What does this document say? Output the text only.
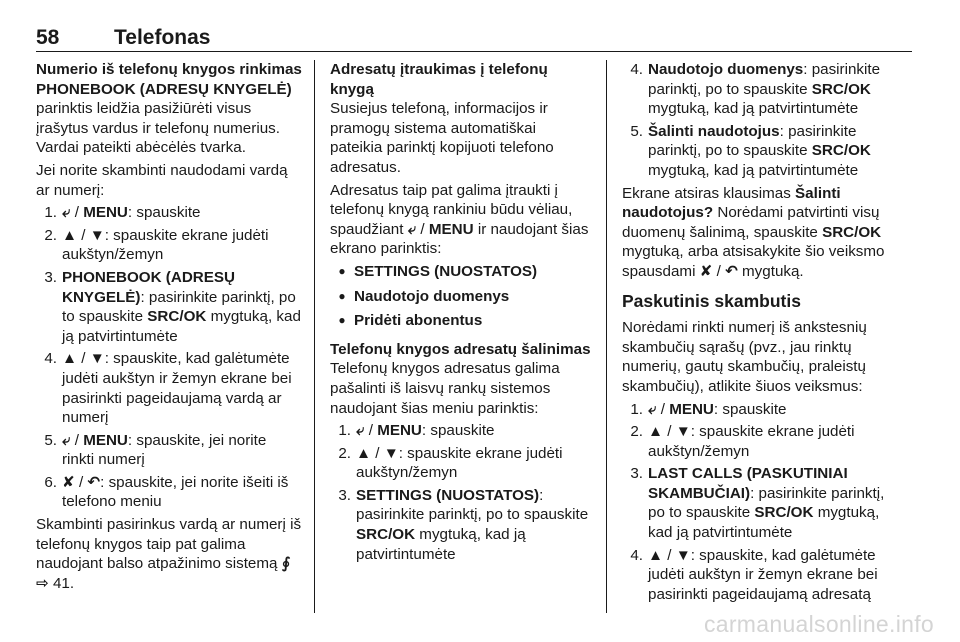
58	Telefonas

Numerio iš telefonų knygos rinkimas

PHONEBOOK (ADRESŲ KNYGELĖ) parinktis leidžia pasižiūrėti visus įrašytus vardus ir telefonų numerius. Vardai pateikti abėcėlės tvarka.

Jei norite skambinti naudodami vardą ar numerį:

1. ⤶ / MENU: spauskite
2. ▲ / ▼: spauskite ekrane judėti aukštyn/žemyn
3. PHONEBOOK (ADRESŲ KNYGELĖ): pasirinkite parinktį, po to spauskite SRC/OK mygtuką, kad ją patvirtintumėte
4. ▲ / ▼: spauskite, kad galėtumėte judėti aukštyn ir žemyn ekrane bei pasirinkti pageidaujamą vardą ar numerį
5. ⤶ / MENU: spauskite, jei norite rinkti numerį
6. ✘ / ↶: spauskite, jei norite išeiti iš telefono meniu

Skambinti pasirinkus vardą ar numerį iš telefonų knygos taip pat galima naudojant balso atpažinimo sistemą ∮ ⇨ 41.

Adresatų įtraukimas į telefonų knygą

Susiejus telefoną, informacijos ir pramogų sistema automatiškai pateikia parinktį kopijuoti telefono adresatus.

Adresatus taip pat galima įtraukti į telefonų knygą rankiniu būdu vėliau, spaudžiant ⤶ / MENU ir naudojant šias ekrano parinktis:

● SETTINGS (NUOSTATOS)
● Naudotojo duomenys
● Pridėti abonentus

Telefonų knygos adresatų šalinimas

Telefonų knygos adresatus galima pašalinti iš laisvų rankų sistemos naudojant šias meniu parinktis:

1. ⤶ / MENU: spauskite
2. ▲ / ▼: spauskite ekrane judėti aukštyn/žemyn
3. SETTINGS (NUOSTATOS): pasirinkite parinktį, po to spauskite SRC/OK mygtuką, kad ją patvirtintumėte
4. Naudotojo duomenys: pasirinkite parinktį, po to spauskite SRC/OK mygtuką, kad ją patvirtintumėte
5. Šalinti naudotojus: pasirinkite parinktį, po to spauskite SRC/OK mygtuką, kad ją patvirtintumėte

Ekrane atsiras klausimas Šalinti naudotojus? Norėdami patvirtinti visų duomenų šalinimą, spauskite SRC/OK mygtuką, arba atsisakykite šio veiksmo spausdami ✘ / ↶ mygtuką.

Paskutinis skambutis

Norėdami rinkti numerį iš ankstesnių skambučių sąrašų (pvz., jau rinktų numerių, gautų skambučių, praleistų skambučių), atlikite šiuos veiksmus:

1. ⤶ / MENU: spauskite
2. ▲ / ▼: spauskite ekrane judėti aukštyn/žemyn
3. LAST CALLS (PASKUTINIAI SKAMBUČIAI): pasirinkite parinktį, po to spauskite SRC/OK mygtuką, kad ją patvirtintumėte
4. ▲ / ▼: spauskite, kad galėtumėte judėti aukštyn ir žemyn ekrane bei pasirinkti pageidaujamą adresatą
carmanualsonline.info
